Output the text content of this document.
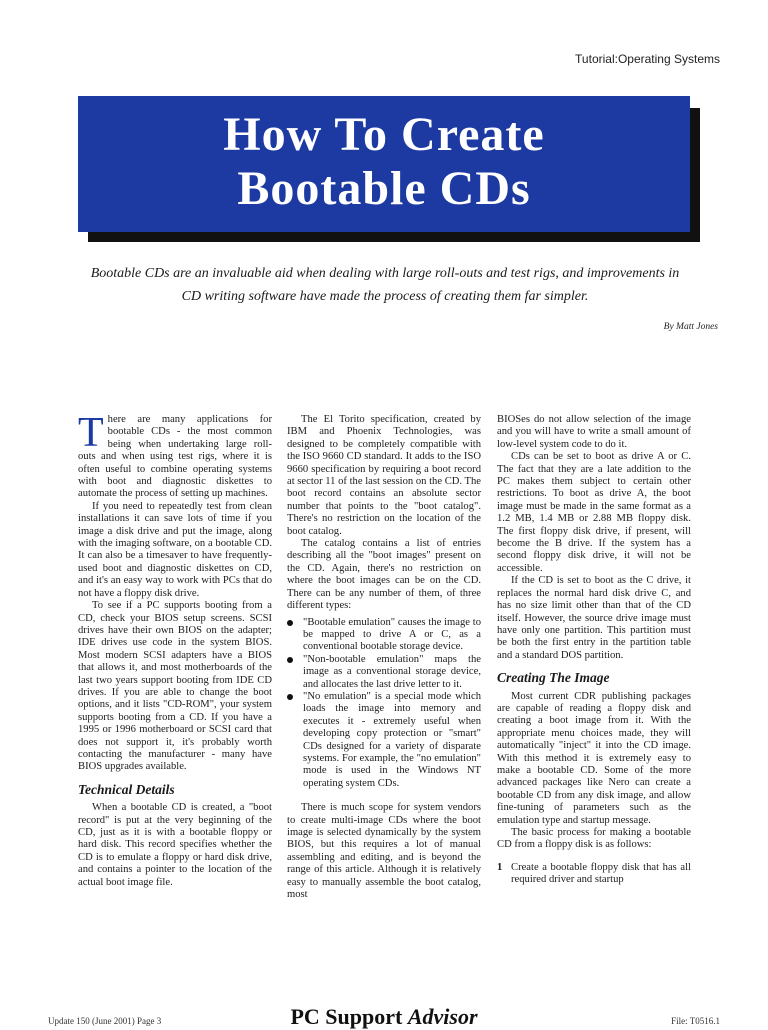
Tutorial:Operating Systems
How To Create
Bootable CDs
Bootable CDs are an invaluable aid when dealing with large roll-outs and test rigs, and improvements in CD writing software have made the process of creating them far simpler.
By Matt Jones

There are many applications for bootable CDs - the most common being when undertaking large roll-outs and when using test rigs, where it is often useful to combine operating systems with boot and diagnostic diskettes to automate the process of setting up machines.

If you need to repeatedly test from clean installations it can save lots of time if you image a disk drive and put the image, along with the imaging software, on a bootable CD. It can also be a timesaver to have frequently-used boot and diagnostic diskettes on CD, and it's an easy way to work with PCs that do not have a floppy disk drive.

To see if a PC supports booting from a CD, check your BIOS setup screens. SCSI drives have their own BIOS on the adapter; IDE drives use code in the system BIOS. Most modern SCSI adapters have a BIOS that allows it, and most motherboards of the last two years support booting from IDE CD drives. If you are able to change the boot options, and it lists "CD-ROM", your system supports booting from a CD. If you have a 1995 or 1996 motherboard or SCSI card that does not support it, it's probably worth contacting the manufacturer - many have BIOS upgrades available.

Technical Details

When a bootable CD is created, a "boot record" is put at the very beginning of the CD, just as it is with a bootable floppy or hard disk. This record specifies whether the CD is to emulate a floppy or hard disk drive, and contains a pointer to the location of the actual boot image file.

The El Torito specification, created by IBM and Phoenix Technologies, was designed to be completely compatible with the ISO 9660 CD standard. It adds to the ISO 9660 specification by requiring a boot record at sector 11 of the last session on the CD. The boot record contains an absolute sector number that points to the "boot catalog". There's no restriction on the location of the boot catalog.

The catalog contains a list of entries describing all the "boot images" present on the CD. Again, there's no restriction on where the boot images can be on the CD. There can be any number of them, of three different types:

"Bootable emulation" causes the image to be mapped to drive A or C, as a conventional bootable storage device.
"Non-bootable emulation" maps the image as a conventional storage device, and allocates the last drive letter to it.
"No emulation" is a special mode which loads the image into memory and executes it - extremely useful when developing copy protection or "smart" CDs designed for a variety of disparate systems. For example, the "no emulation" mode is used in the Windows NT operating system CDs.

There is much scope for system vendors to create multi-image CDs where the boot image is selected dynamically by the system BIOS, but this requires a lot of manual assembling and editing, and is beyond the range of this article. Although it is relatively easy to manually assemble the boot catalog, most

BIOSes do not allow selection of the image and you will have to write a small amount of low-level system code to do it.

CDs can be set to boot as drive A or C. The fact that they are a late addition to the PC makes them subject to certain other restrictions. To boot as drive A, the boot image must be made in the same format as a 1.2 MB, 1.4 MB or 2.88 MB floppy disk. The first floppy disk drive, if present, will become the B drive. If the system has a second floppy disk drive, it will not be accessible.

If the CD is set to boot as the C drive, it replaces the normal hard disk drive C, and has no size limit other than that of the CD itself. However, the source drive image must have only one partition. This partition must be both the first entry in the partition table and a standard DOS partition.

Creating The Image

Most current CDR publishing packages are capable of reading a floppy disk and creating a boot image from it. With the appropriate menu choices made, they will automatically "inject" it into the CD image. With this method it is extremely easy to make a bootable CD. Some of the more advanced packages like Nero can create a bootable CD from any disk image, and allow fine-tuning of parameters such as the emulation type and startup message.

The basic process for making a bootable CD from a floppy disk is as follows:

1 Create a bootable floppy disk that has all required driver and startup
Update 150 (June 2001) Page 3	PC Support Advisor	File: T0516.1
